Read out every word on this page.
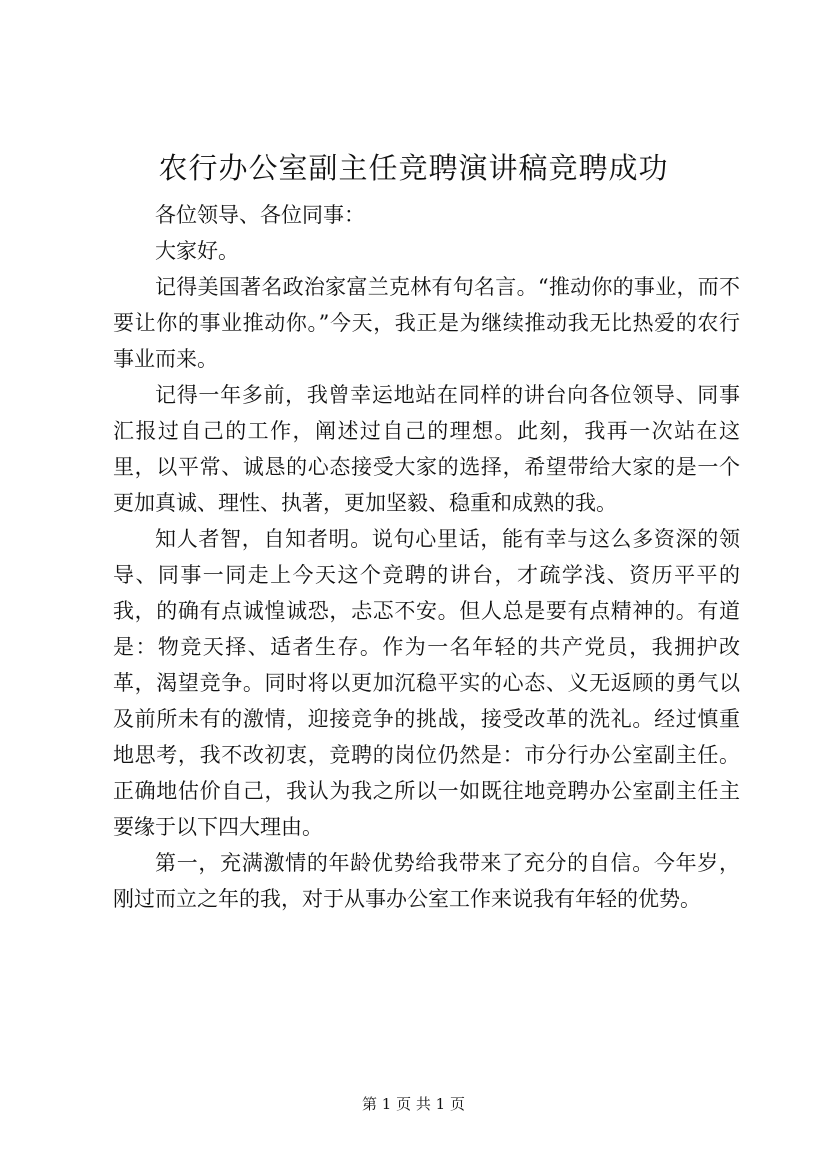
农行办公室副主任竞聘演讲稿竞聘成功

各位领导、各位同事：

大家好。

记得美国著名政治家富兰克林有句名言。“推动你的事业，而不要让你的事业推动你。”今天，我正是为继续推动我无比热爱的农行事业而来。

记得一年多前，我曾幸运地站在同样的讲台向各位领导、同事汇报过自己的工作，阐述过自己的理想。此刻，我再一次站在这里，以平常、诚恳的心态接受大家的选择，希望带给大家的是一个更加真诚、理性、执著，更加坚毅、稳重和成熟的我。

知人者智，自知者明。说句心里话，能有幸与这么多资深的领导、同事一同走上今天这个竞聘的讲台，才疏学浅、资历平平的我，的确有点诚惶诚恐，忐忑不安。但人总是要有点精神的。有道是：物竞天择、适者生存。作为一名年轻的共产党员，我拥护改革，渴望竞争。同时将以更加沉稳平实的心态、义无返顾的勇气以及前所未有的激情，迎接竞争的挑战，接受改革的洗礼。经过慎重地思考，我不改初衷，竞聘的岗位仍然是：市分行办公室副主任。正确地估价自己，我认为我之所以一如既往地竞聘办公室副主任主要缘于以下四大理由。

第一，充满激情的年龄优势给我带来了充分的自信。今年岁，刚过而立之年的我，对于从事办公室工作来说我有年轻的优势。

第 1 页 共 1 页
